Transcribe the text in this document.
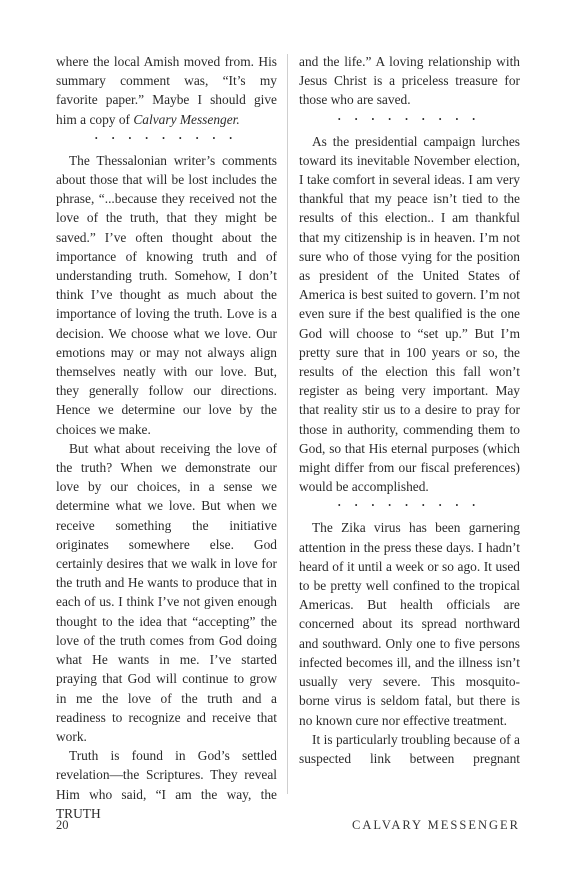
where the local Amish moved from. His summary comment was, “It’s my favorite paper.” Maybe I should give him a copy of Calvary Messenger.

• • • • • • • • •

The Thessalonian writer’s comments about those that will be lost includes the phrase, “...because they received not the love of the truth, that they might be saved.” I’ve often thought about the importance of knowing truth and of understanding truth. Somehow, I don’t think I’ve thought as much about the importance of loving the truth. Love is a decision. We choose what we love. Our emotions may or may not always align themselves neatly with our love. But, they generally follow our directions. Hence we determine our love by the choices we make.

But what about receiving the love of the truth? When we demonstrate our love by our choices, in a sense we determine what we love. But when we receive something the initiative originates somewhere else. God certainly desires that we walk in love for the truth and He wants to produce that in each of us. I think I’ve not given enough thought to the idea that “accepting” the love of the truth comes from God doing what He wants in me. I’ve started praying that God will continue to grow in me the love of the truth and a readiness to recognize and receive that work.

Truth is found in God’s settled revelation—the Scriptures. They reveal Him who said, “I am the way, the TRUTH

and the life.” A loving relationship with Jesus Christ is a priceless treasure for those who are saved.

• • • • • • • • •

As the presidential campaign lurches toward its inevitable November election, I take comfort in several ideas. I am very thankful that my peace isn’t tied to the results of this election.. I am thankful that my citizenship is in heaven. I’m not sure who of those vying for the position as president of the United States of America is best suited to govern. I’m not even sure if the best qualified is the one God will choose to “set up.” But I’m pretty sure that in 100 years or so, the results of the election this fall won’t register as being very important. May that reality stir us to a desire to pray for those in authority, commending them to God, so that His eternal purposes (which might differ from our fiscal preferences) would be accomplished.

• • • • • • • • •

The Zika virus has been garnering attention in the press these days. I hadn’t heard of it until a week or so ago. It used to be pretty well confined to the tropical Americas. But health officials are concerned about its spread northward and southward. Only one to five persons infected becomes ill, and the illness isn’t usually very severe. This mosquito-borne virus is seldom fatal, but there is no known cure nor effective treatment.

It is particularly troubling because of a suspected link between pregnant

20	CALVARY MESSENGER
